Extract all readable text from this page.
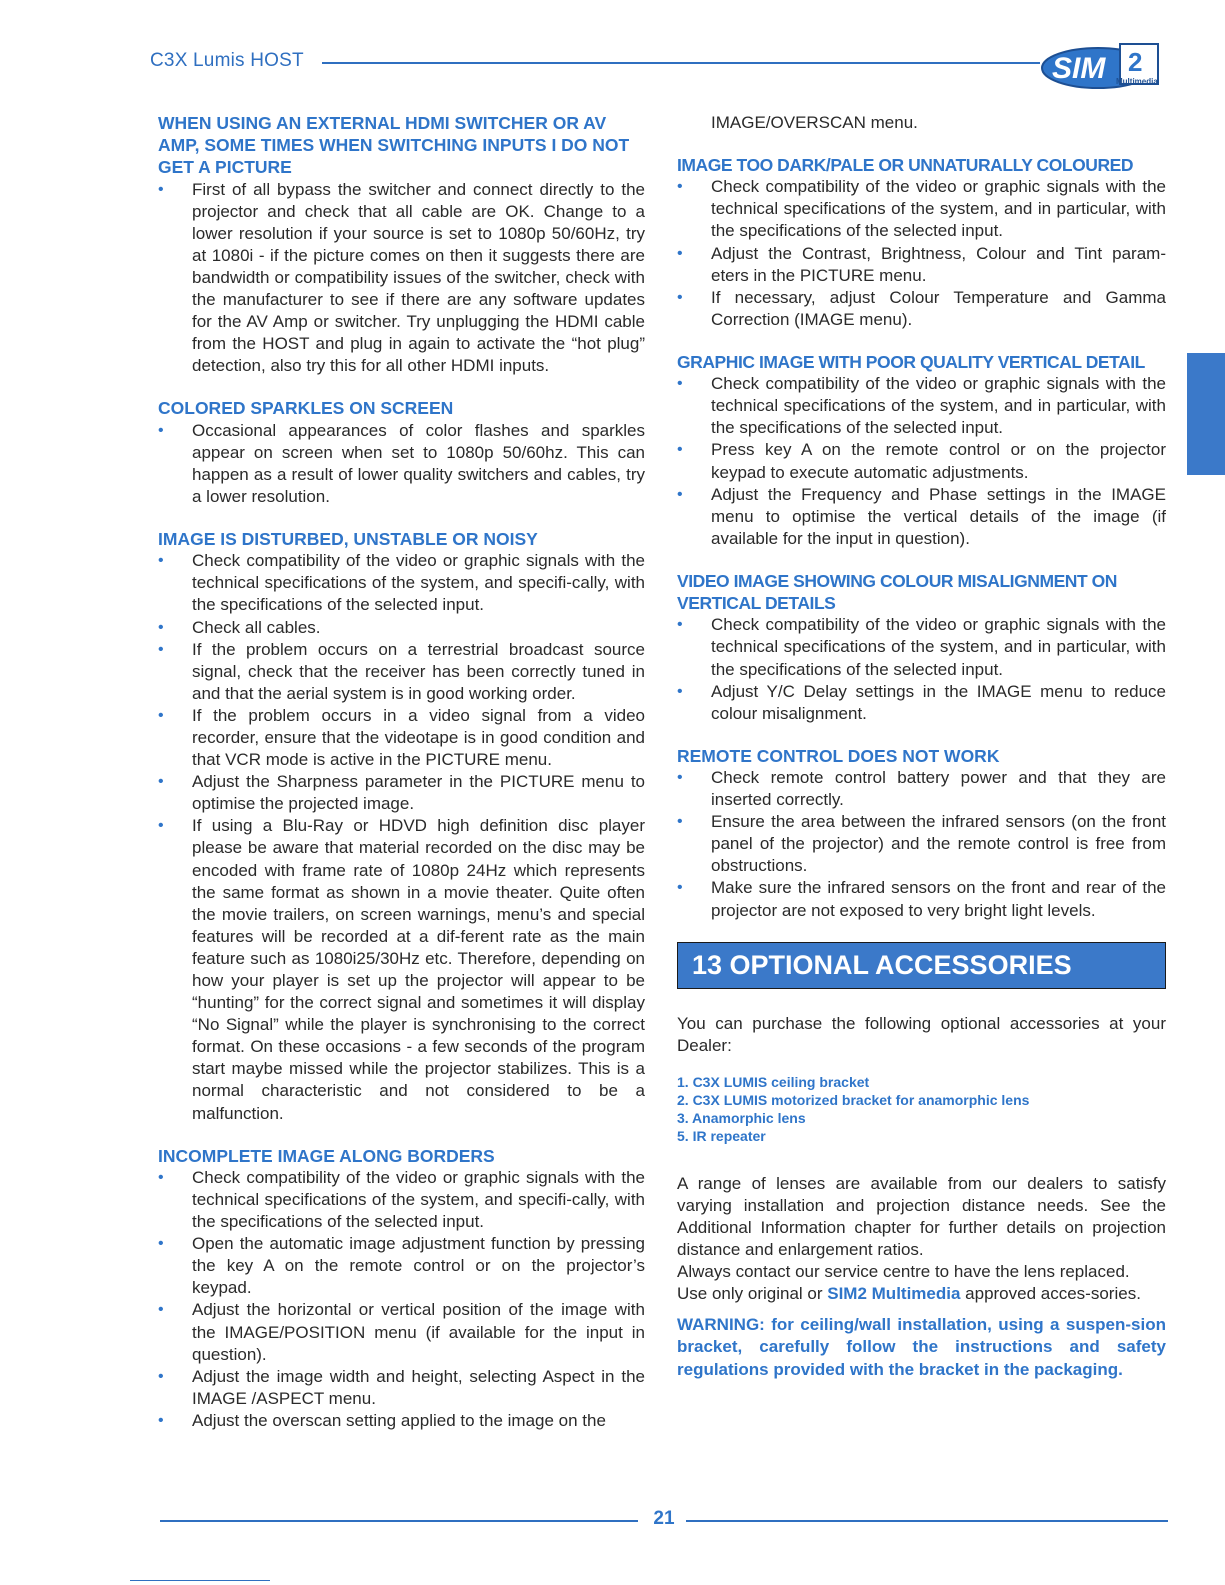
C3X Lumis HOST	SIM 2
Multimedia
WHEN USING AN EXTERNAL HDMI SWITCHER OR AV AMP, SOME TIMES WHEN SWITCHING INPUTS I DO NOT GET A PICTURE
• First of all bypass the switcher and connect directly to the projector and check that all cable are OK. Change to a lower resolution if your source is set to 1080p 50/60Hz, try at 1080i - if the picture comes on then it suggests there are bandwidth or compatibility issues of the switcher, check with the manufacturer to see if there are any software updates for the AV Amp or switcher. Try unplugging the HDMI cable from the HOST and plug in again to activate the “hot plug” detection, also try this for all other HDMI inputs.
COLORED SPARKLES ON SCREEN
• Occasional appearances of color flashes and sparkles appear on screen when set to 1080p 50/60hz. This can happen as a result of lower quality switchers and cables, try a lower resolution.
IMAGE IS DISTURBED, UNSTABLE OR NOISY
• Check compatibility of the video or graphic signals with the technical specifications of the system, and specifi-cally, with the specifications of the selected input.
• Check all cables.
• If the problem occurs on a terrestrial broadcast source signal, check that the receiver has been correctly tuned in and that the aerial system is in good working order.
• If the problem occurs in a video signal from a video recorder, ensure that the videotape is in good condition and that VCR mode is active in the PICTURE menu.
• Adjust the Sharpness parameter in the PICTURE menu to optimise the projected image.
• If using a Blu-Ray or HDVD high definition disc player please be aware that material recorded on the disc may be encoded with frame rate of 1080p 24Hz which represents the same format as shown in a movie theater. Quite often the movie trailers, on screen warnings, menu’s and special features will be recorded at a dif-ferent rate as the main feature such as 1080i25/30Hz etc. Therefore, depending on how your player is set up the projector will appear to be “hunting” for the correct signal and sometimes it will display “No Signal” while the player is synchronising to the correct format. On these occasions - a few seconds of the program start maybe missed while the projector stabilizes. This is a normal characteristic and not considered to be a malfunction.
INCOMPLETE IMAGE ALONG BORDERS
• Check compatibility of the video or graphic signals with the technical specifications of the system, and specifi-cally, with the specifications of the selected input.
• Open the automatic image adjustment function by pressing the key A on the remote control or on the projector’s keypad.
• Adjust the horizontal or vertical position of the image with the IMAGE/POSITION menu (if available for the input in question).
• Adjust the image width and height, selecting Aspect in the IMAGE /ASPECT menu.
• Adjust the overscan setting applied to the image on the
IMAGE/OVERSCAN menu.
IMAGE TOO DARK/PALE OR UNNATURALLY COLOURED
• Check compatibility of the video or graphic signals with the technical specifications of the system, and in particular, with the specifications of the selected input.
• Adjust the Contrast, Brightness, Colour and Tint param-eters in the PICTURE menu.
• If necessary, adjust Colour Temperature and Gamma Correction (IMAGE menu).
GRAPHIC IMAGE WITH POOR QUALITY VERTICAL DETAIL
• Check compatibility of the video or graphic signals with the technical specifications of the system, and in particular, with the specifications of the selected input.
• Press key A on the remote control or on the projector keypad to execute automatic adjustments.
• Adjust the Frequency and Phase settings in the IMAGE menu to optimise the vertical details of the image (if available for the input in question).
VIDEO IMAGE SHOWING COLOUR MISALIGNMENT ON VERTICAL DETAILS
• Check compatibility of the video or graphic signals with the technical specifications of the system, and in particular, with the specifications of the selected input.
• Adjust Y/C Delay settings in the IMAGE menu to reduce colour misalignment.
REMOTE CONTROL DOES NOT WORK
• Check remote control battery power and that they are inserted correctly.
• Ensure the area between the infrared sensors (on the front panel of the projector) and the remote control is free from obstructions.
• Make sure the infrared sensors on the front and rear of the projector are not exposed to very bright light levels.
13 OPTIONAL ACCESSORIES
You can purchase the following optional accessories at your Dealer:
1. C3X LUMIS ceiling bracket
2. C3X LUMIS motorized bracket for anamorphic lens
3. Anamorphic lens
5. IR repeater
A range of lenses are available from our dealers to satisfy varying installation and projection distance needs. See the Additional Information chapter for further details on projection distance and enlargement ratios.
Always contact our service centre to have the lens replaced.
Use only original or SIM2 Multimedia approved acces-sories.
WARNING: for ceiling/wall installation, using a suspen-sion bracket, carefully follow the instructions and safety regulations provided with the bracket in the packaging.
21
